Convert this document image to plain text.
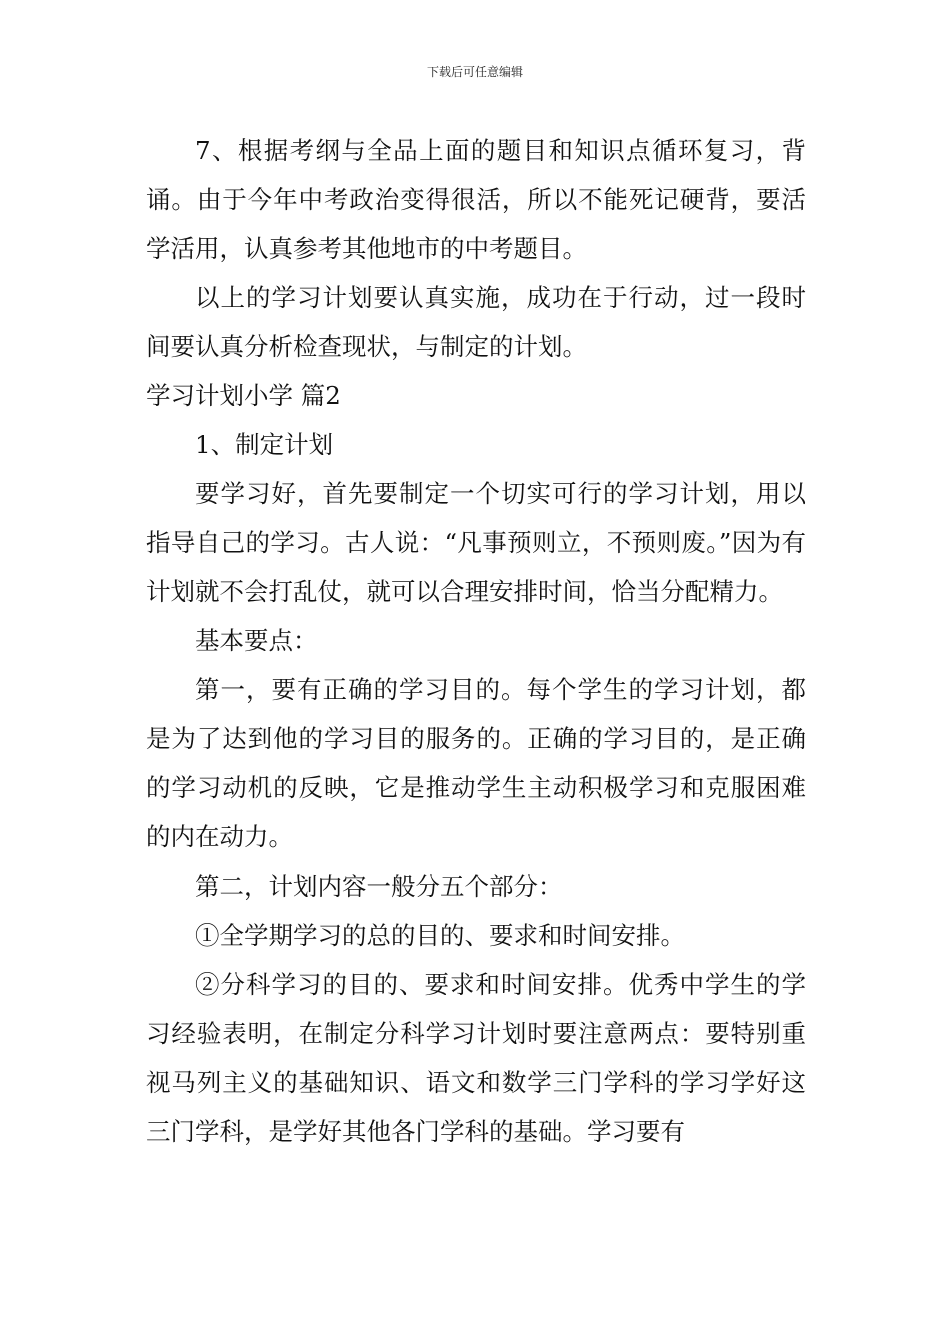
下载后可任意编辑

7、根据考纲与全品上面的题目和知识点循环复习，背诵。由于今年中考政治变得很活，所以不能死记硬背，要活学活用，认真参考其他地市的中考题目。

以上的学习计划要认真实施，成功在于行动，过一段时间要认真分析检查现状，与制定的计划。

学习计划小学 篇2

1、制定计划

要学习好，首先要制定一个切实可行的学习计划，用以指导自己的学习。古人说：“凡事预则立，不预则废。”因为有计划就不会打乱仗，就可以合理安排时间，恰当分配精力。

基本要点：

第一，要有正确的学习目的。每个学生的学习计划，都是为了达到他的学习目的服务的。正确的学习目的，是正确的学习动机的反映，它是推动学生主动积极学习和克服困难的内在动力。

第二，计划内容一般分五个部分：

①全学期学习的总的目的、要求和时间安排。

②分科学习的目的、要求和时间安排。优秀中学生的学习经验表明，在制定分科学习计划时要注意两点：要特别重视马列主义的基础知识、语文和数学三门学科的学习学好这三门学科，是学好其他各门学科的基础。学习要有
